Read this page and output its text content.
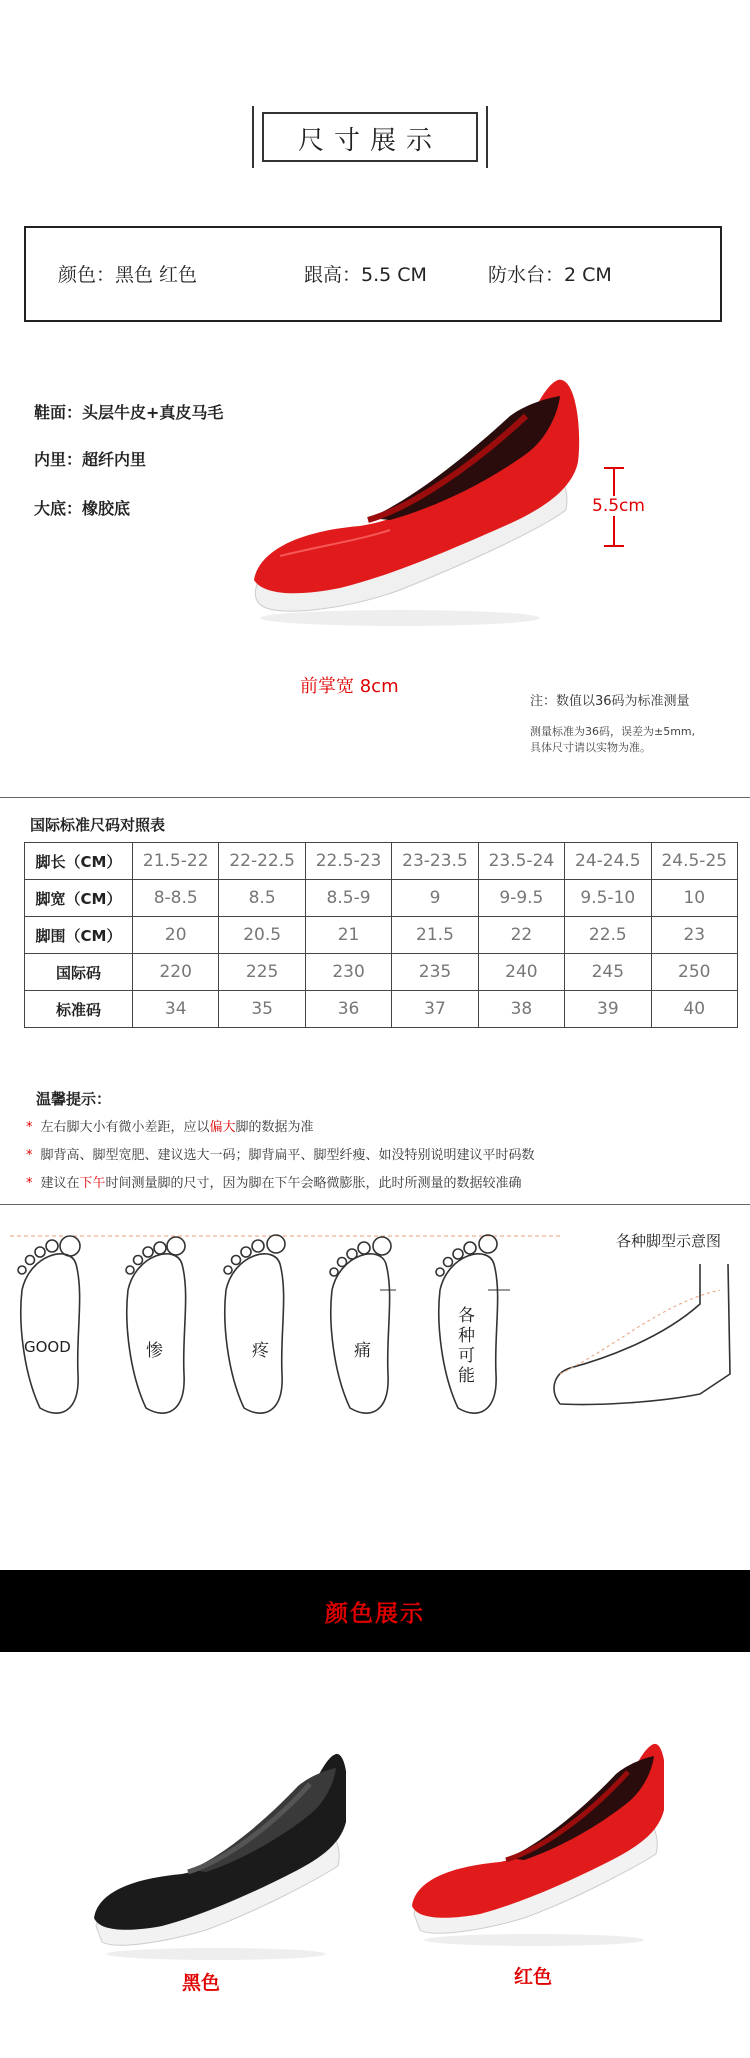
尺寸展示
颜色：黑色 红色	跟高：5.5 CM	防水台：2 CM
鞋面：头层牛皮+真皮马毛
内里：超纤内里
大底：橡胶底	5.5cm
前掌宽 8cm
注：数值以36码为标准测量
测量标准为36码，误差为±5mm,
具体尺寸请以实物为准。
国际标准尺码对照表
脚长（CM）	21.5-22	22-22.5	22.5-23	23-23.5	23.5-24	24-24.5	24.5-25
脚宽（CM）	8-8.5	8.5	8.5-9	9	9-9.5	9.5-10	10
脚围（CM）	20	20.5	21	21.5	22	22.5	23
国际码	220	225	230	235	240	245	250
标准码	34	35	36	37	38	39	40
温馨提示：
* 左右脚大小有微小差距，应以偏大脚的数据为准
* 脚背高、脚型宽肥、建议选大一码；脚背扁平、脚型纤瘦、如没特别说明建议平时码数
* 建议在下午时间测量脚的尺寸，因为脚在下午会略微膨胀，此时所测量的数据较准确
各种脚型示意图
GOOD	惨	疼	痛
各
种
可
能
颜色展示
黑色	红色
